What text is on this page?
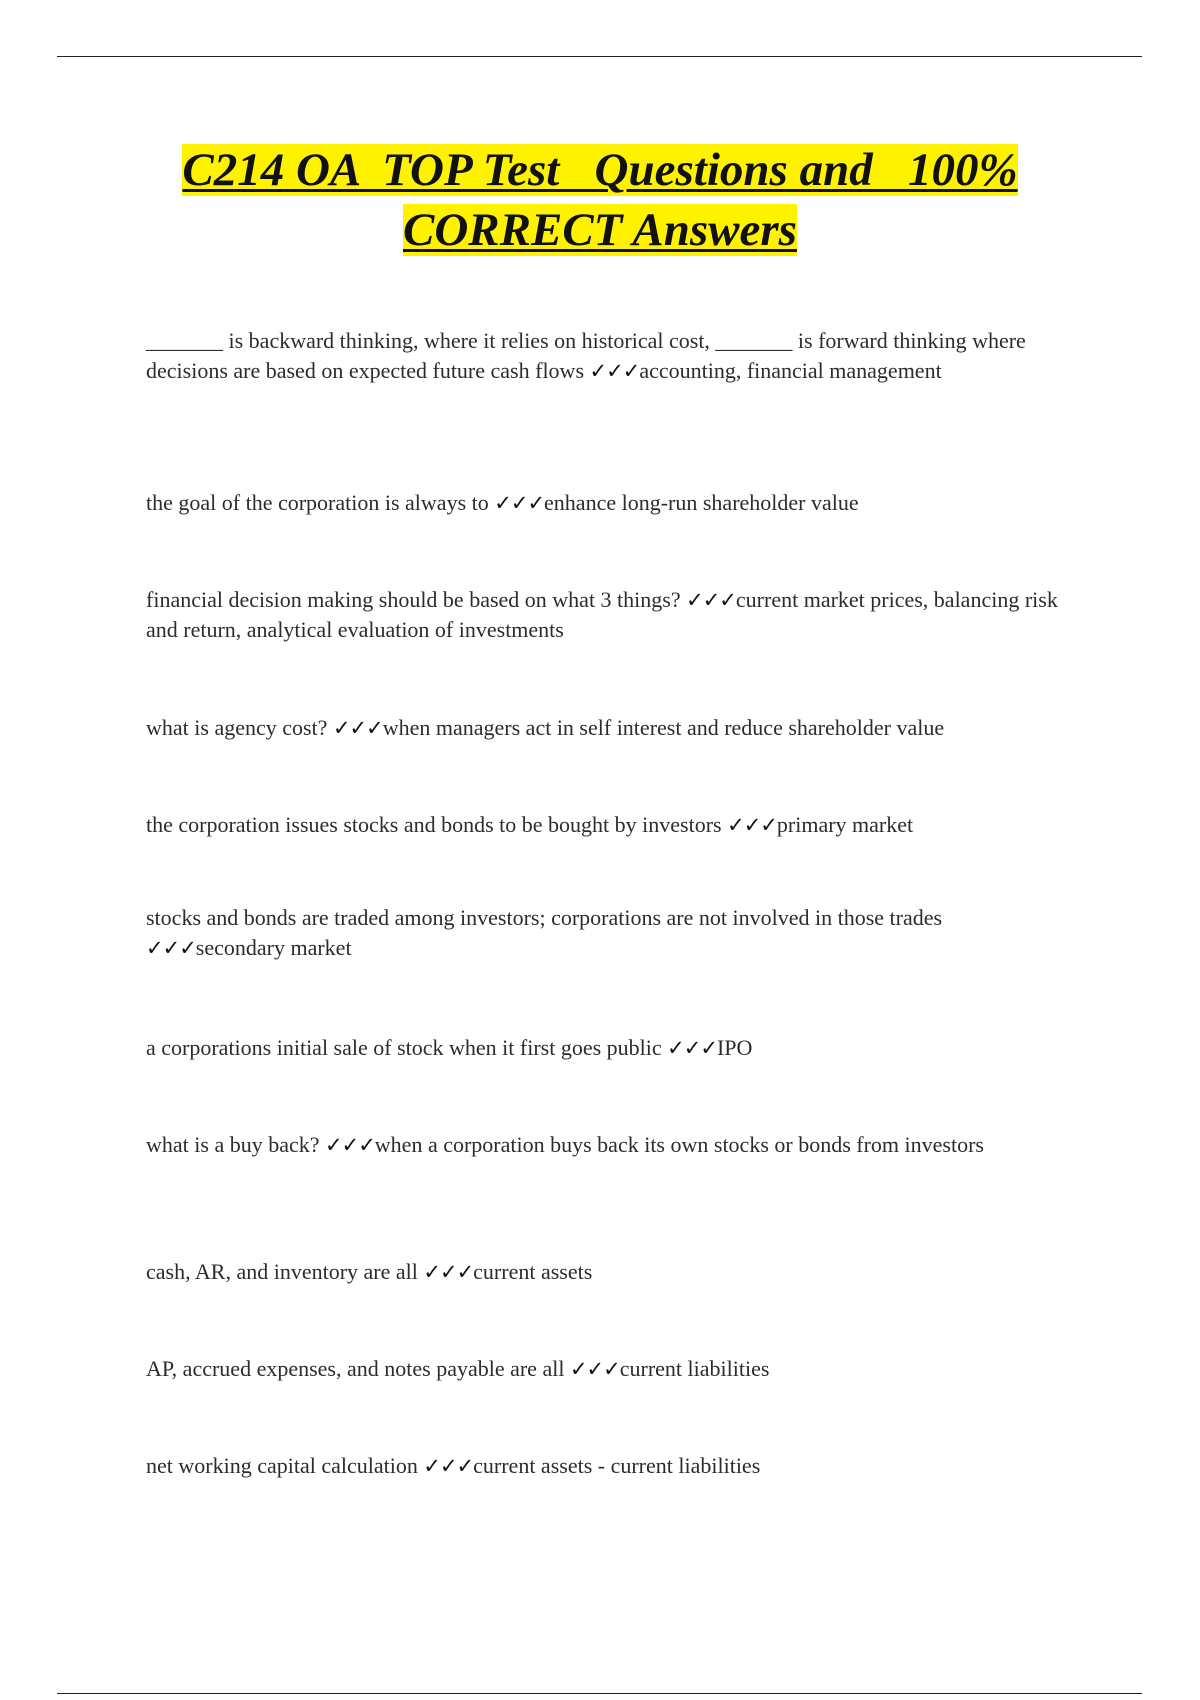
C214 OA  TOP Test   Questions and   100%
CORRECT Answers
_______ is backward thinking, where it relies on historical cost, _______ is forward thinking where decisions are based on expected future cash flows ✓✓✓accounting, financial management
the goal of the corporation is always to ✓✓✓enhance long-run shareholder value
financial decision making should be based on what 3 things? ✓✓✓current market prices, balancing risk and return, analytical evaluation of investments
what is agency cost? ✓✓✓when managers act in self interest and reduce shareholder value
the corporation issues stocks and bonds to be bought by investors ✓✓✓primary market
stocks and bonds are traded among investors; corporations are not involved in those trades ✓✓✓secondary market
a corporations initial sale of stock when it first goes public ✓✓✓IPO
what is a buy back? ✓✓✓when a corporation buys back its own stocks or bonds from investors
cash, AR, and inventory are all ✓✓✓current assets
AP, accrued expenses, and notes payable are all ✓✓✓current liabilities
net working capital calculation ✓✓✓current assets - current liabilities
